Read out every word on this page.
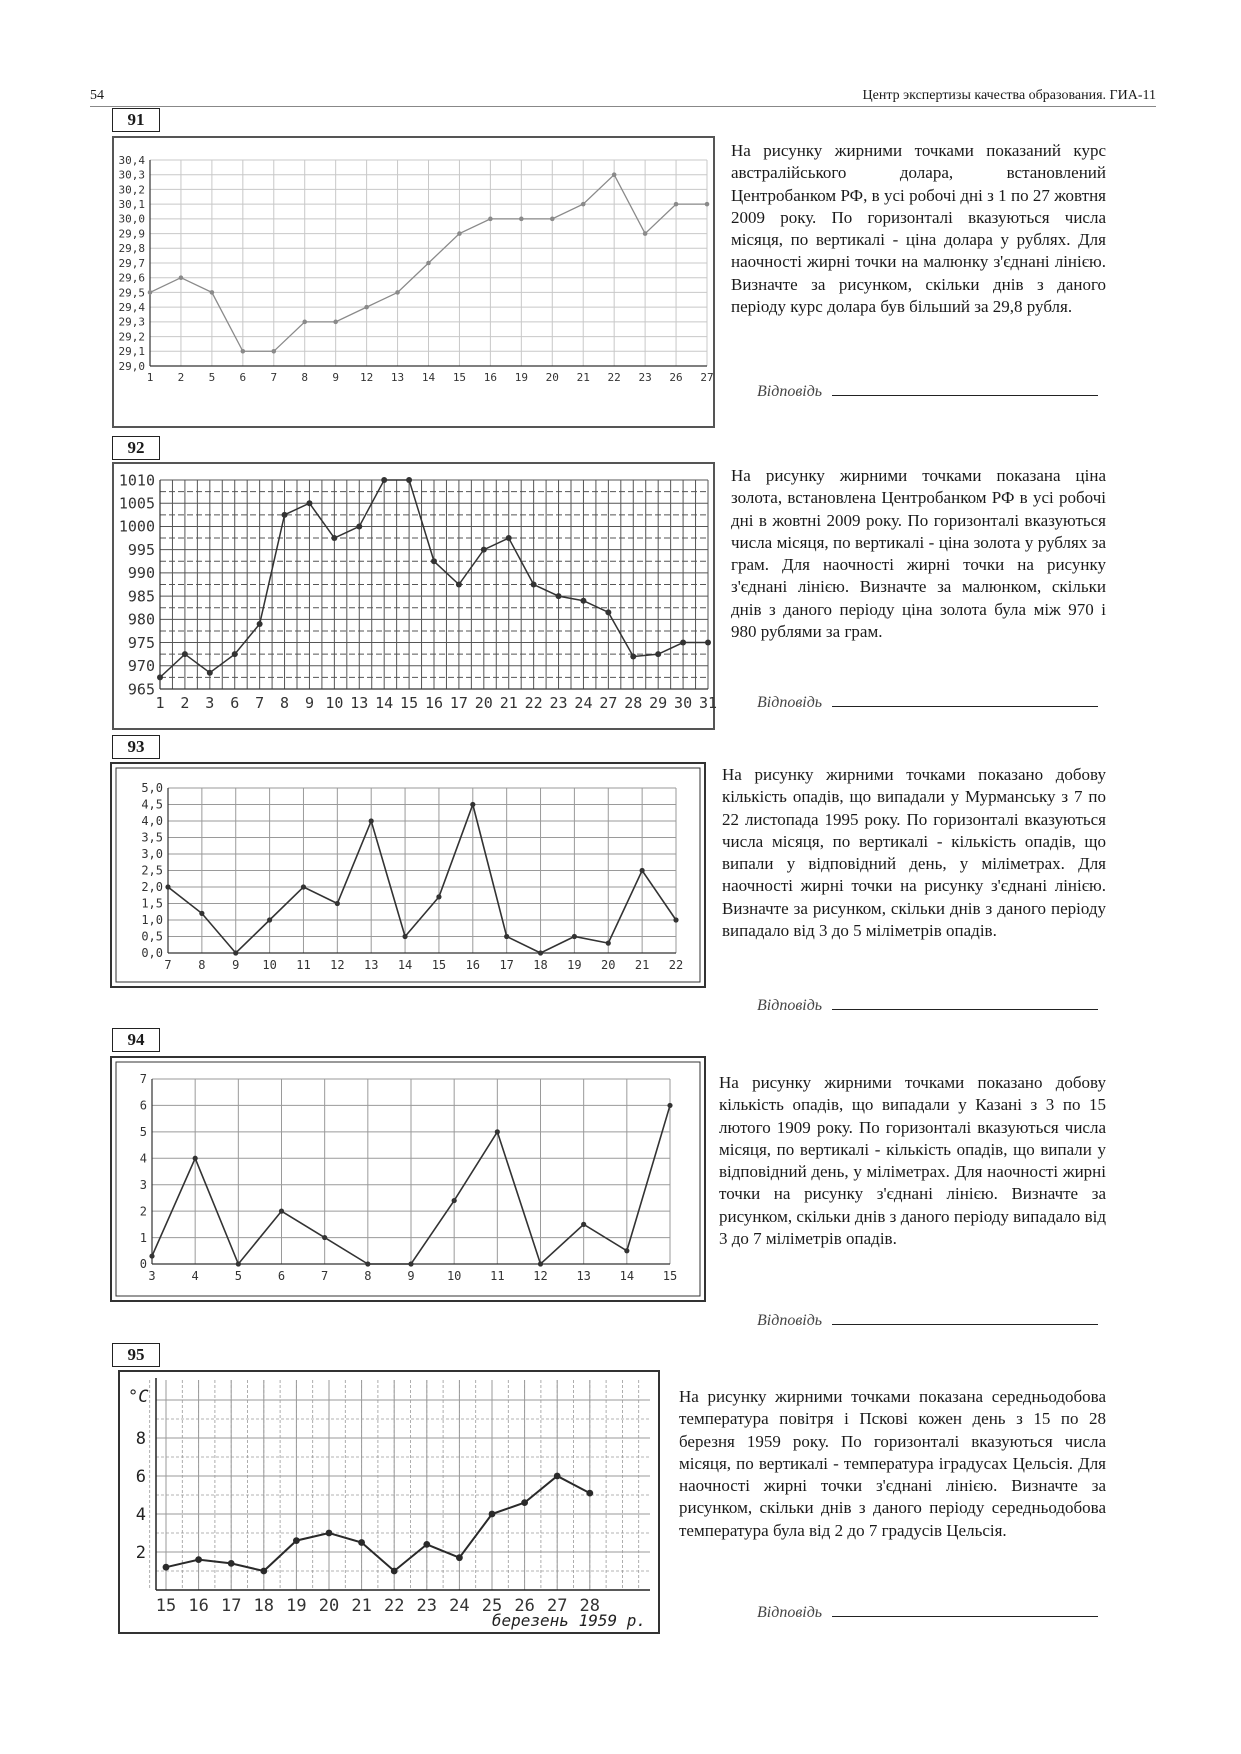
54	Центр экспертизы качества образования. ГИА-11
91
29,0
29,1
29,2
29,3
29,4
29,5
29,6
29,7
29,8
29,9
30,0
30,1
30,2
30,3
30,4
1 2 5 6 7 8 9 12 13 14 15 16 19 20 21 22 23 26 27

На рисунку жирними точками показаний курс австралійського долара, встановлений Центробанком РФ, в усі робочі дні з 1 по 27 жовтня 2009 року. По горизонталі вказуються числа місяця, по вертикалі - ціна долара у рублях. Для наочності жирні точки на малюнку з'єднані лінією. Визначте за рисунком, скільки днів з даного періоду курс долара був більший за 29,8 рубля.

Відповідь
92
965
970
975
980
985
990
995
1000
1005
1010
1 2 3 6 7 8 9 10 13 14 15 16 17 20 21 22 23 24 27 28 29 30 31

На рисунку жирними точками показана ціна золота, встановлена Центробанком РФ в усі робочі дні в жовтні 2009 року. По горизонталі вказуються числа місяця, по вертикалі - ціна золота у рублях за грам. Для наочності жирні точки на рисунку з'єднані лінією. Визначте за малюнком, скільки днів з даного періоду ціна золота була між 970 і 980 рублями за грам.

Відповідь
93
0,0
0,5
1,0
1,5
2,0
2,5
3,0
3,5
4,0
4,5
5,0
7 8 9 10 11 12 13 14 15 16 17 18 19 20 21 22

На рисунку жирними точками показано добову кількість опадів, що випадали у Мурманську з 7 по 22 листопада 1995 року. По горизонталі вказуються числа місяця, по вертикалі - кількість опадів, що випали у відповідний день, у міліметрах. Для наочності жирні точки на рисунку з'єднані лінією. Визначте за рисунком, скільки днів з даного періоду випадало від 3 до 5 міліметрів опадів.

Відповідь
94
0
1
2
3
4
5
6
7
3	4	5	6	7	8	9	10 11 12 13 14 15

На рисунку жирними точками показано добову кількість опадів, що випадали у Казані з 3 по 15 лютого 1909 року. По горизонталі вказуються числа місяця, по вертикалі - кількість опадів, що випали у відповідний день, у міліметрах. Для наочності жирні точки на рисунку з'єднані лінією. Визначте за рисунком, скільки днів з даного періоду випадало від 3 до 7 міліметрів опадів.

Відповідь
95
2
4
6
8
°C
15 16 17 18 19 20 21 22 23 24 25 26 27 28
березень 1959 р.

На рисунку жирними точками показана середньодобова температура повітря і Пскові кожен день з 15 по 28 березня 1959 року. По горизонталі вказуються числа місяця, по вертикалі - температура ігрaдусах Цельсія. Для наочності жирні точки з'єднані лінією. Визначте за рисунком, скільки днів з даного періоду середньодобова температура була від 2 до 7 градусів Цельсія.

Відповідь
